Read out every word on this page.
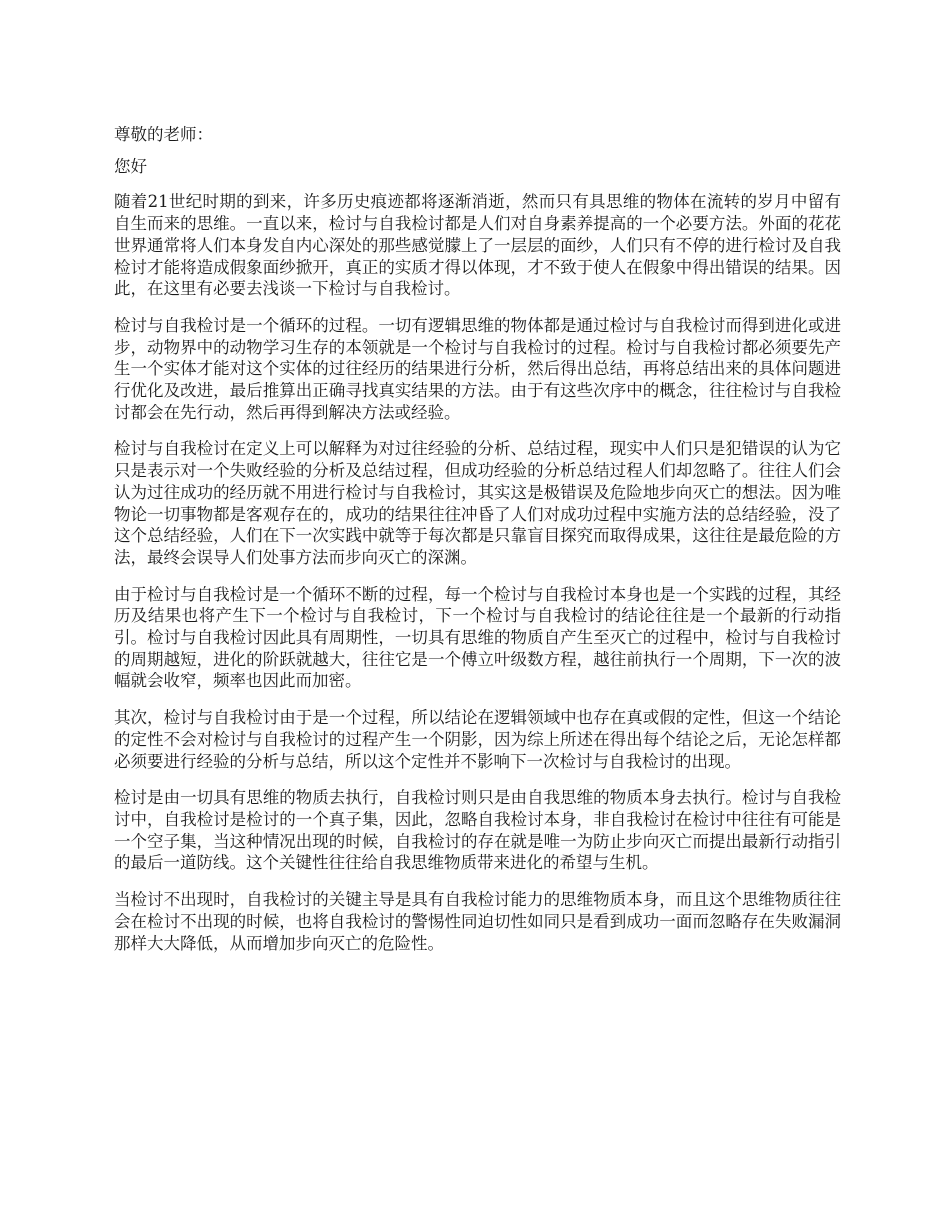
尊敬的老师：
您好
随着21世纪时期的到来，许多历史痕迹都将逐渐消逝，然而只有具思维的物体在流转的岁月中留有自生而来的思维。一直以来，检讨与自我检讨都是人们对自身素养提高的一个必要方法。外面的花花世界通常将人们本身发自内心深处的那些感觉朦上了一层层的面纱，人们只有不停的进行检讨及自我检讨才能将造成假象面纱掀开，真正的实质才得以体现，才不致于使人在假象中得出错误的结果。因此，在这里有必要去浅谈一下检讨与自我检讨。
检讨与自我检讨是一个循环的过程。一切有逻辑思维的物体都是通过检讨与自我检讨而得到进化或进步，动物界中的动物学习生存的本领就是一个检讨与自我检讨的过程。检讨与自我检讨都必须要先产生一个实体才能对这个实体的过往经历的结果进行分析，然后得出总结，再将总结出来的具体问题进行优化及改进，最后推算出正确寻找真实结果的方法。由于有这些次序中的概念，往往检讨与自我检讨都会在先行动，然后再得到解决方法或经验。
检讨与自我检讨在定义上可以解释为对过往经验的分析、总结过程，现实中人们只是犯错误的认为它只是表示对一个失败经验的分析及总结过程，但成功经验的分析总结过程人们却忽略了。往往人们会认为过往成功的经历就不用进行检讨与自我检讨，其实这是极错误及危险地步向灭亡的想法。因为唯物论一切事物都是客观存在的，成功的结果往往冲昏了人们对成功过程中实施方法的总结经验，没了这个总结经验，人们在下一次实践中就等于每次都是只靠盲目探究而取得成果，这往往是最危险的方法，最终会误导人们处事方法而步向灭亡的深渊。
由于检讨与自我检讨是一个循环不断的过程，每一个检讨与自我检讨本身也是一个实践的过程，其经历及结果也将产生下一个检讨与自我检讨，下一个检讨与自我检讨的结论往往是一个最新的行动指引。检讨与自我检讨因此具有周期性，一切具有思维的物质自产生至灭亡的过程中，检讨与自我检讨的周期越短，进化的阶跃就越大，往往它是一个傅立叶级数方程，越往前执行一个周期，下一次的波幅就会收窄，频率也因此而加密。
其次，检讨与自我检讨由于是一个过程，所以结论在逻辑领域中也存在真或假的定性，但这一个结论的定性不会对检讨与自我检讨的过程产生一个阴影，因为综上所述在得出每个结论之后，无论怎样都必须要进行经验的分析与总结，所以这个定性并不影响下一次检讨与自我检讨的出现。
检讨是由一切具有思维的物质去执行，自我检讨则只是由自我思维的物质本身去执行。检讨与自我检讨中，自我检讨是检讨的一个真子集，因此，忽略自我检讨本身，非自我检讨在检讨中往往有可能是一个空子集，当这种情况出现的时候，自我检讨的存在就是唯一为防止步向灭亡而提出最新行动指引的最后一道防线。这个关键性往往给自我思维物质带来进化的希望与生机。
当检讨不出现时，自我检讨的关键主导是具有自我检讨能力的思维物质本身，而且这个思维物质往往会在检讨不出现的时候，也将自我检讨的警惕性同迫切性如同只是看到成功一面而忽略存在失败漏洞那样大大降低，从而增加步向灭亡的危险性。
